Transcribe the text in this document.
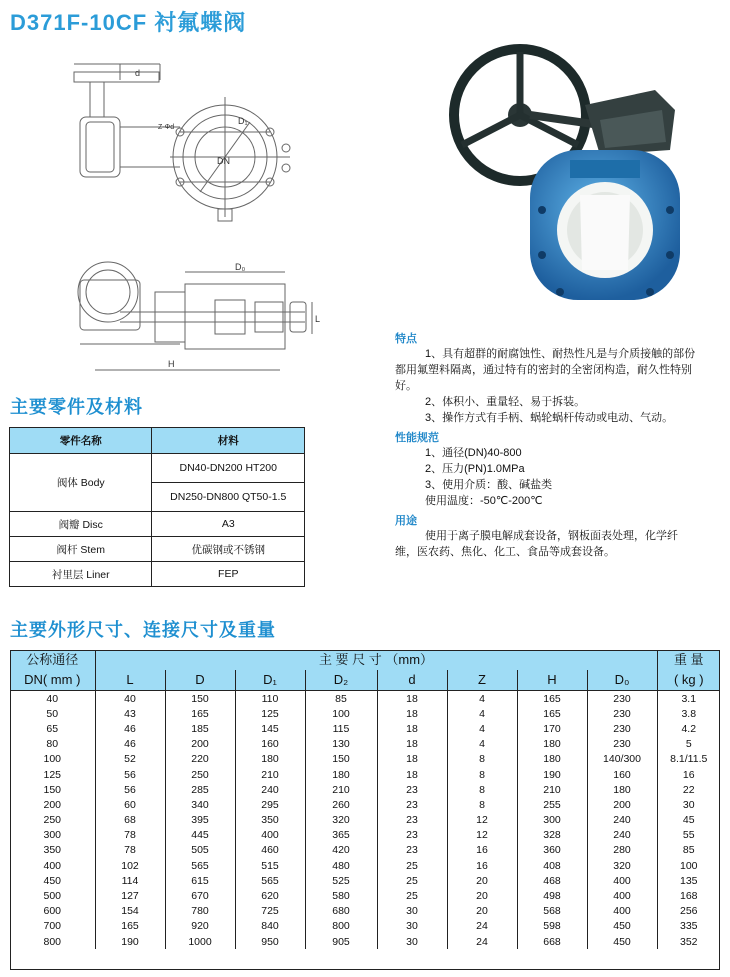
D371F-10CF 衬氟蝶阀
d
D₁
DN
Z-Φd
D₀
H
L
特点
1、具有超群的耐腐蚀性、耐热性凡是与介质接触的部份
都用氟塑料隔离，通过特有的密封的全密闭构造，耐久性特别
好。
2、体积小、重量轻、易于拆装。
3、操作方式有手柄、蜗轮蜗杆传动或电动、气动。
性能规范
1、通径(DN)40-800
2、压力(PN)1.0MPa
3、使用介质：酸、碱盐类
使用温度：-50℃-200℃
用途
使用于离子膜电解成套设备，钢板面表处理，化学纤
维，医农药、焦化、化工、食品等成套设备。
主要零件及材料
零件名称	材料
阀体 Body	DN40-DN200 HT200
	DN250-DN800 QT50-1.5
阀瓣 Disc	A3
阀杆 Stem	优碳钢或不锈钢
衬里层 Liner	FEP
主要外形尺寸、连接尺寸及重量
公称通径	主 要 尺 寸 （mm）								重 量
DN( mm )	L	D	D₁	D₂	d	Z	H	D₀	( kg )
40	40	150	110	85	18	4	165	230	3.1
50	43	165	125	100	18	4	165	230	3.8
65	46	185	145	115	18	4	170	230	4.2
80	46	200	160	130	18	4	180	230	5
100	52	220	180	150	18	8	180	140/300	8.1/11.5
125	56	250	210	180	18	8	190	160	16
150	56	285	240	210	23	8	210	180	22
200	60	340	295	260	23	8	255	200	30
250	68	395	350	320	23	12	300	240	45
300	78	445	400	365	23	12	328	240	55
350	78	505	460	420	23	16	360	280	85
400	102	565	515	480	25	16	408	320	100
450	114	615	565	525	25	20	468	400	135
500	127	670	620	580	25	20	498	400	168
600	154	780	725	680	30	20	568	400	256
700	165	920	840	800	30	24	598	450	335
800	190	1000	950	905	30	24	668	450	352
